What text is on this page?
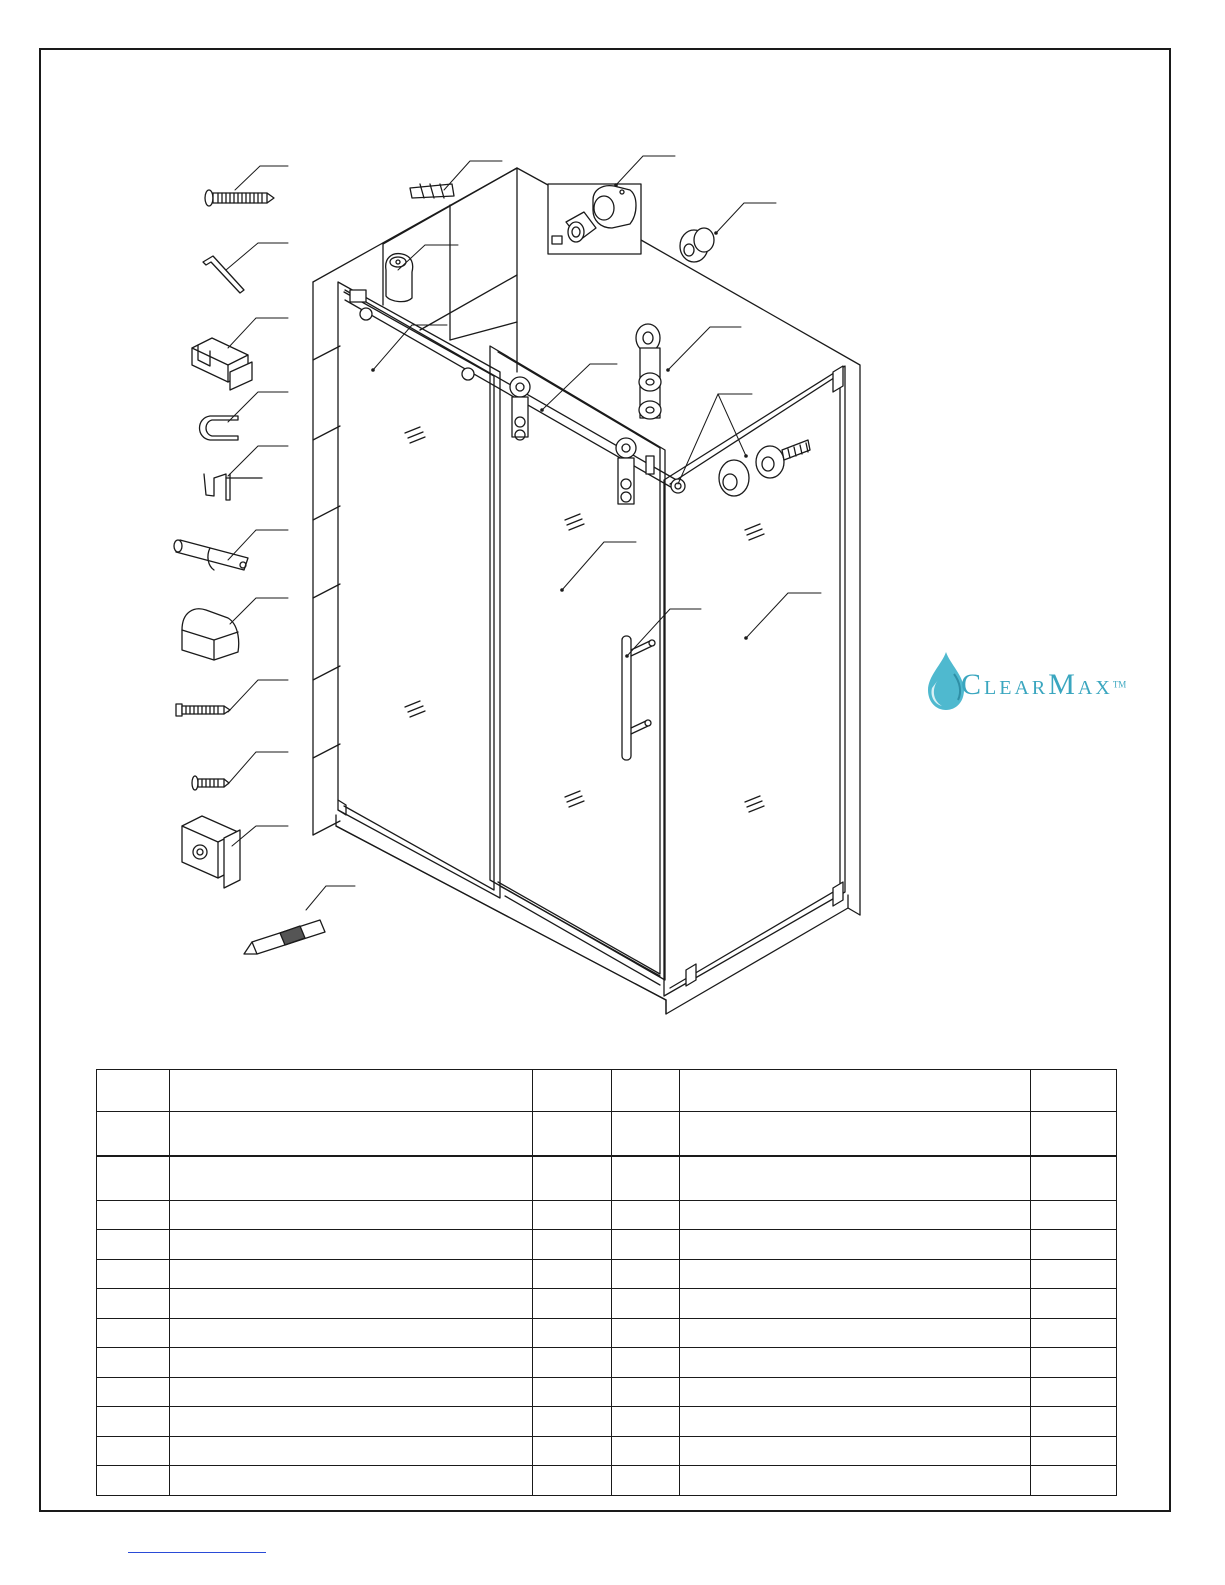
CLEARMAX™
